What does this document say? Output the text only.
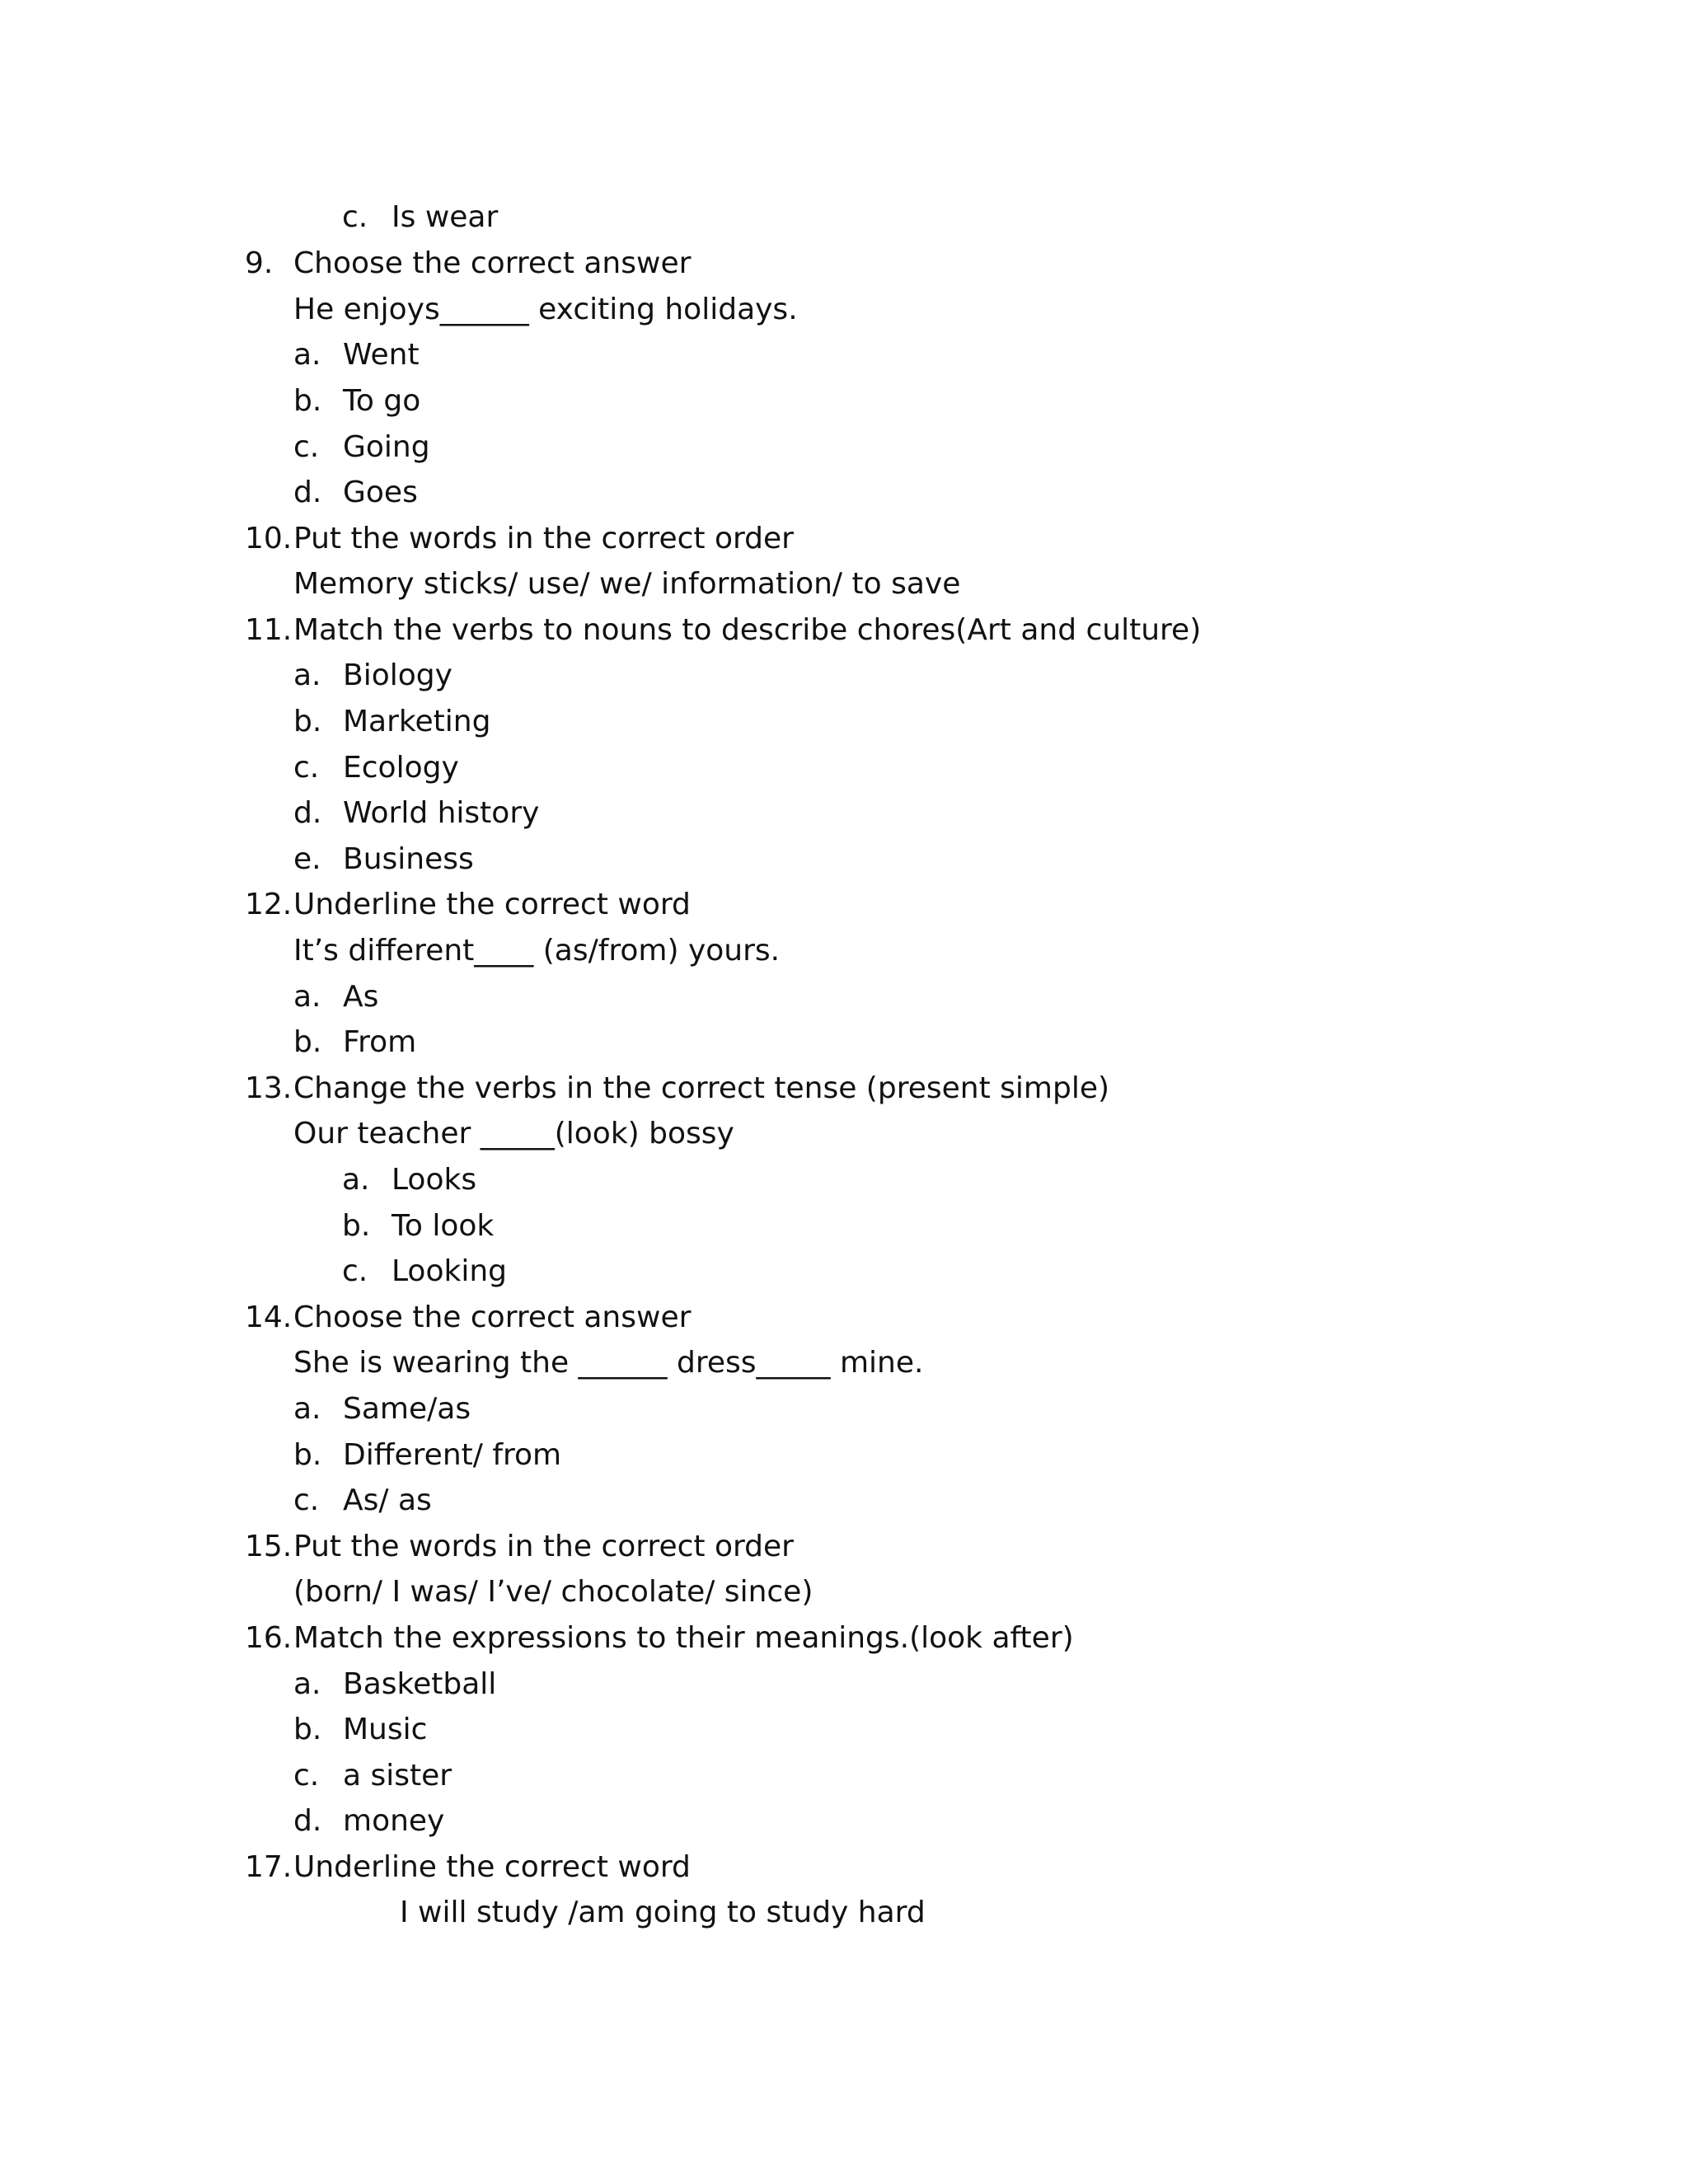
c. Is wear
9. Choose the correct answer
He enjoys______ exciting holidays.
a. Went
b. To go
c. Going
d. Goes
10. Put the words in the correct order
Memory sticks/ use/ we/ information/ to save
11. Match the verbs to nouns to describe chores(Art and culture)
a. Biology
b. Marketing
c. Ecology
d. World history
e. Business
12. Underline the correct word
It’s different____ (as/from) yours.
a. As
b. From
13. Change the verbs in the correct tense (present simple)
Our teacher _____(look) bossy
a. Looks
b. To look
c. Looking
14. Choose the correct answer
She is wearing the ______ dress_____ mine.
a. Same/as
b. Different/ from
c. As/ as
15. Put the words in the correct order
(born/ I was/ I’ve/ chocolate/ since)
16. Match the expressions to their meanings.(look after)
a. Basketball
b. Music
c. a sister
d. money
17. Underline the correct word
I will study /am going to study hard
